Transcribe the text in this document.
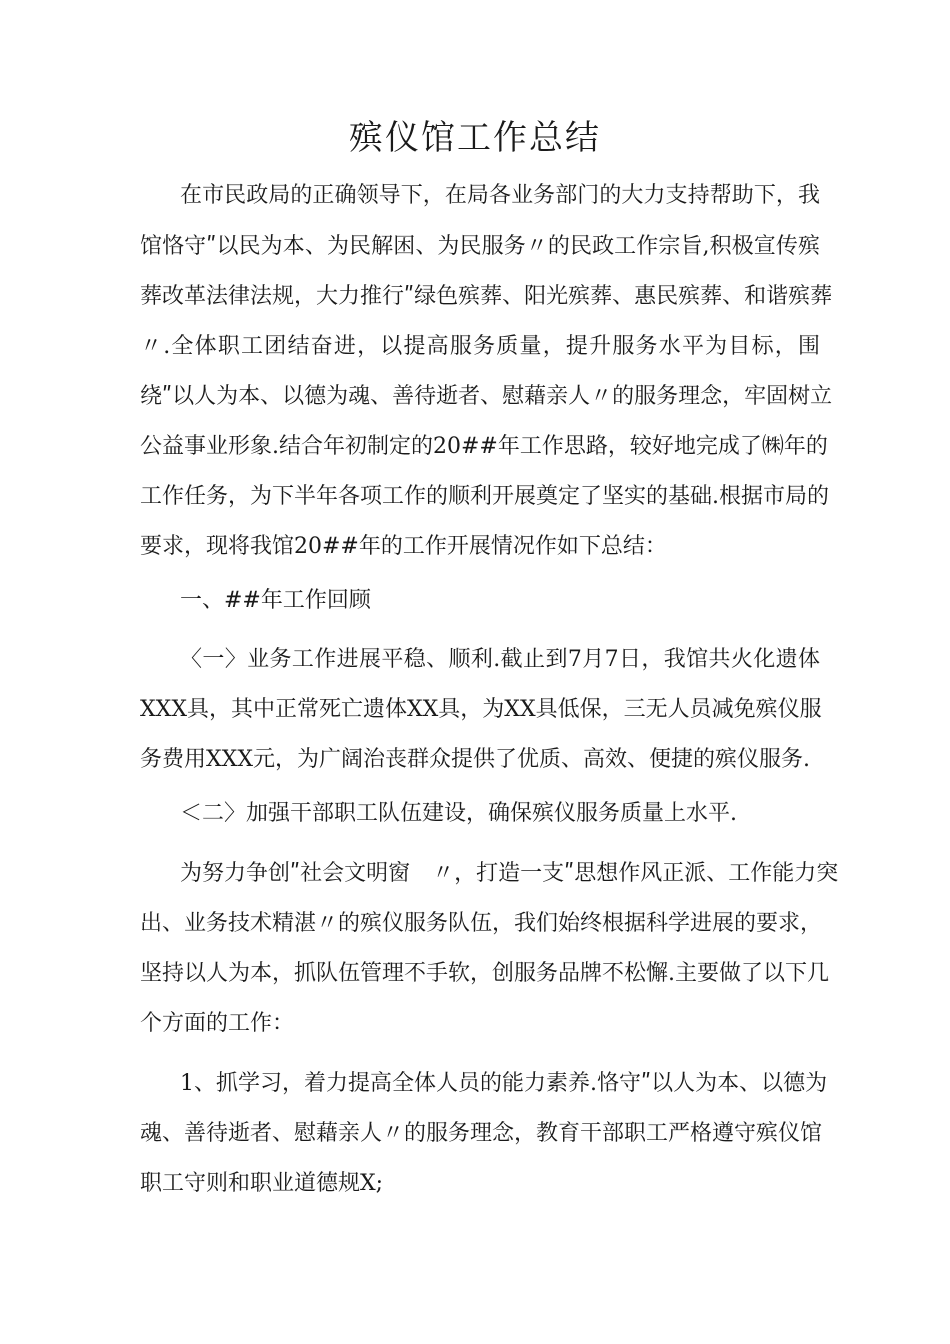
殡仪馆工作总结
在市民政局的正确领导下，在局各业务部门的大力支持帮助下，我
馆恪守ʺ以民为本、为民解困、为民服务〃的民政工作宗旨,积极宣传殡
葬改革法律法规，大力推行ʺ绿色殡葬、阳光殡葬、惠民殡葬、和谐殡葬
〃.全体职工团结奋进，以提高服务质量，提升服务水平为目标，围
绕ʺ以人为本、以德为魂、善待逝者、慰藉亲人〃的服务理念，牢固树立
公益事业形象.结合年初制定的20##年工作思路，较好地完成了㈱年的
工作任务，为下半年各项工作的顺利开展奠定了坚实的基础.根据市局的
要求，现将我馆20##年的工作开展情况作如下总结：
一、##年工作回顾
〈一〉业务工作进展平稳、顺利.截止到7月7日，我馆共火化遗体
XXX具，其中正常死亡遗体XX具，为XX具低保，三无人员减免殡仪服
务费用XXX元，为广阔治丧群众提供了优质、高效、便捷的殡仪服务.
＜二〉加强干部职工队伍建设，确保殡仪服务质量上水平.
为努力争创ʺ社会文明窗　〃，打造一支ʺ思想作风正派、工作能力突
出、业务技术精湛〃的殡仪服务队伍，我们始终根据科学进展的要求，
坚持以人为本，抓队伍管理不手软，创服务品牌不松懈.主要做了以下几
个方面的工作：
1、抓学习，着力提高全体人员的能力素养.恪守ʺ以人为本、以德为
魂、善待逝者、慰藉亲人〃的服务理念，教育干部职工严格遵守殡仪馆
职工守则和职业道德规X;
